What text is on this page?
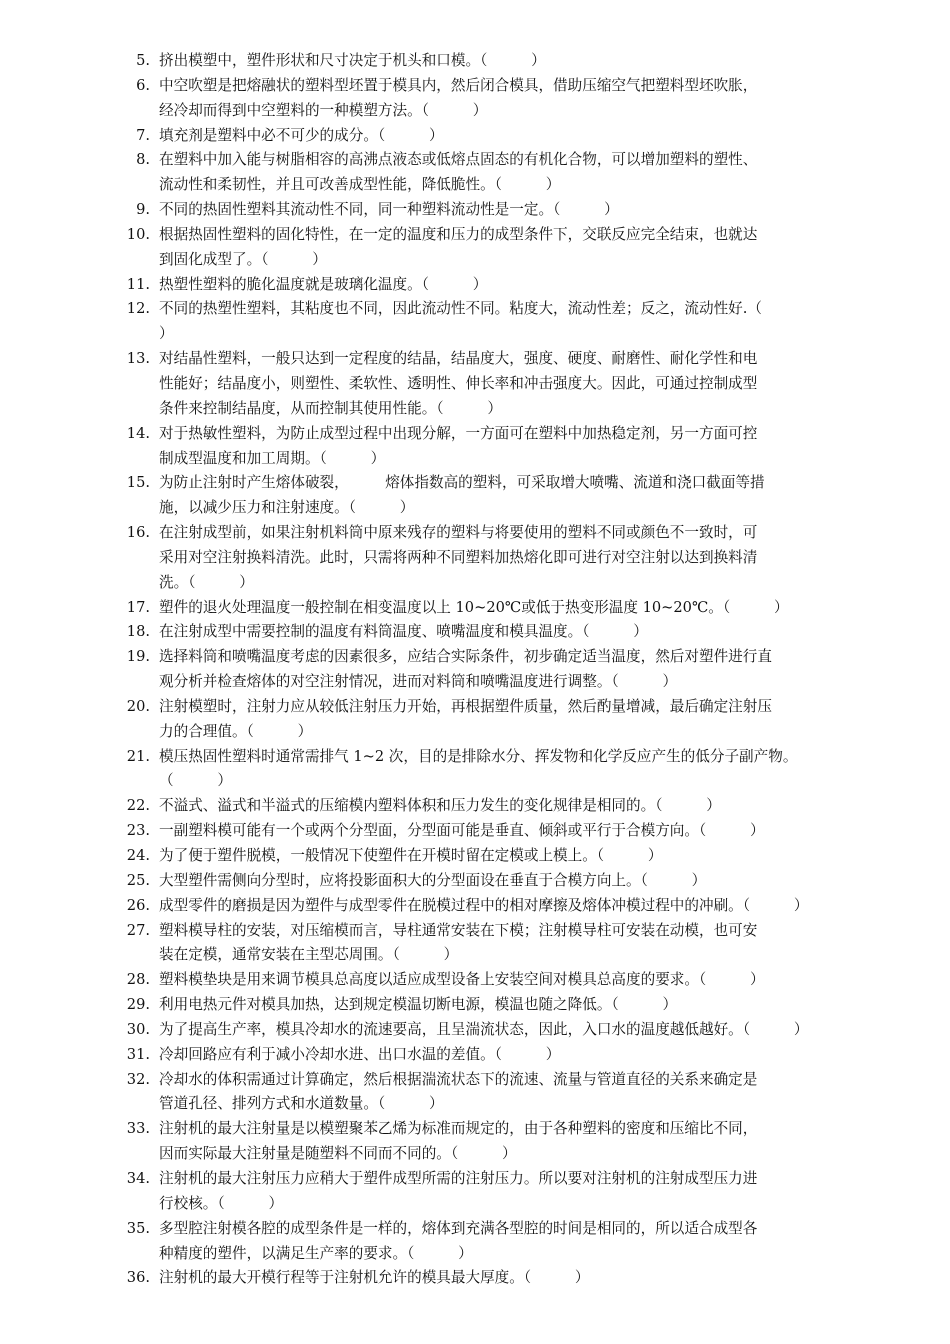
5. 挤出模塑中，塑件形状和尺寸决定于机头和口模。（　　　）

6. 中空吹塑是把熔融状的塑料型坯置于模具内，然后闭合模具，借助压缩空气把塑料型坯吹胀，

经冷却而得到中空塑料的一种模塑方法。（　　　）

7. 填充剂是塑料中必不可少的成分。（　　　）

8. 在塑料中加入能与树脂相容的高沸点液态或低熔点固态的有机化合物，可以增加塑料的塑性、

流动性和柔韧性，并且可改善成型性能，降低脆性。（　　　）

9. 不同的热固性塑料其流动性不同，同一种塑料流动性是一定。（　　　）

10. 根据热固性塑料的固化特性，在一定的温度和压力的成型条件下，交联反应完全结束，也就达

到固化成型了。（　　　）

11. 热塑性塑料的脆化温度就是玻璃化温度。（　　　）

12. 不同的热塑性塑料，其粘度也不同，因此流动性不同。粘度大，流动性差；反之，流动性好.（

）

13. 对结晶性塑料，一般只达到一定程度的结晶，结晶度大，强度、硬度、耐磨性、耐化学性和电

性能好；结晶度小，则塑性、柔软性、透明性、伸长率和冲击强度大。因此，可通过控制成型

条件来控制结晶度，从而控制其使用性能。（　　　）

14. 对于热敏性塑料，为防止成型过程中出现分解，一方面可在塑料中加热稳定剂，另一方面可控

制成型温度和加工周期。（　　　）

15. 为防止注射时产生熔体破裂，　　　熔体指数高的塑料，可采取增大喷嘴、流道和浇口截面等措

施，以减少压力和注射速度。（　　　）

16. 在注射成型前，如果注射机料筒中原来残存的塑料与将要使用的塑料不同或颜色不一致时，可

采用对空注射换料清洗。此时，只需将两种不同塑料加热熔化即可进行对空注射以达到换料清

洗。（　　　）

17. 塑件的退火处理温度一般控制在相变温度以上 10~20℃或低于热变形温度 10~20℃。（　　　）

18. 在注射成型中需要控制的温度有料筒温度、喷嘴温度和模具温度。（　　　）

19. 选择料筒和喷嘴温度考虑的因素很多，应结合实际条件，初步确定适当温度，然后对塑件进行直

观分析并检查熔体的对空注射情况，进而对料筒和喷嘴温度进行调整。（　　　）

20. 注射模塑时，注射力应从较低注射压力开始，再根据塑件质量，然后酌量增减，最后确定注射压

力的合理值。（　　　）

21. 模压热固性塑料时通常需排气 1~2 次，目的是排除水分、挥发物和化学反应产生的低分子副产物。

（　　　）

22. 不溢式、溢式和半溢式的压缩模内塑料体积和压力发生的变化规律是相同的。（　　　）

23. 一副塑料模可能有一个或两个分型面，分型面可能是垂直、倾斜或平行于合模方向。（　　　）

24. 为了便于塑件脱模，一般情况下使塑件在开模时留在定模或上模上。（　　　）

25. 大型塑件需侧向分型时，应将投影面积大的分型面设在垂直于合模方向上。（　　　）

26. 成型零件的磨损是因为塑件与成型零件在脱模过程中的相对摩擦及熔体冲模过程中的冲刷。（　　　）

27. 塑料模导柱的安装，对压缩模而言，导柱通常安装在下模；注射模导柱可安装在动模，也可安

装在定模，通常安装在主型芯周围。（　　　）

28. 塑料模垫块是用来调节模具总高度以适应成型设备上安装空间对模具总高度的要求。（　　　）

29. 利用电热元件对模具加热，达到规定模温切断电源，模温也随之降低。（　　　）

30. 为了提高生产率，模具冷却水的流速要高，且呈湍流状态，因此，入口水的温度越低越好。（　　　）

31. 冷却回路应有利于减小冷却水进、出口水温的差值。（　　　）

32. 冷却水的体积需通过计算确定，然后根据湍流状态下的流速、流量与管道直径的关系来确定是

管道孔径、排列方式和水道数量。（　　　）

33. 注射机的最大注射量是以模塑聚苯乙烯为标准而规定的，由于各种塑料的密度和压缩比不同，

因而实际最大注射量是随塑料不同而不同的。（　　　）

34. 注射机的最大注射压力应稍大于塑件成型所需的注射压力。所以要对注射机的注射成型压力进

行校核。（　　　）

35. 多型腔注射模各腔的成型条件是一样的，熔体到充满各型腔的时间是相同的，所以适合成型各

种精度的塑件，以满足生产率的要求。（　　　）

36. 注射机的最大开模行程等于注射机允许的模具最大厚度。（　　　）
